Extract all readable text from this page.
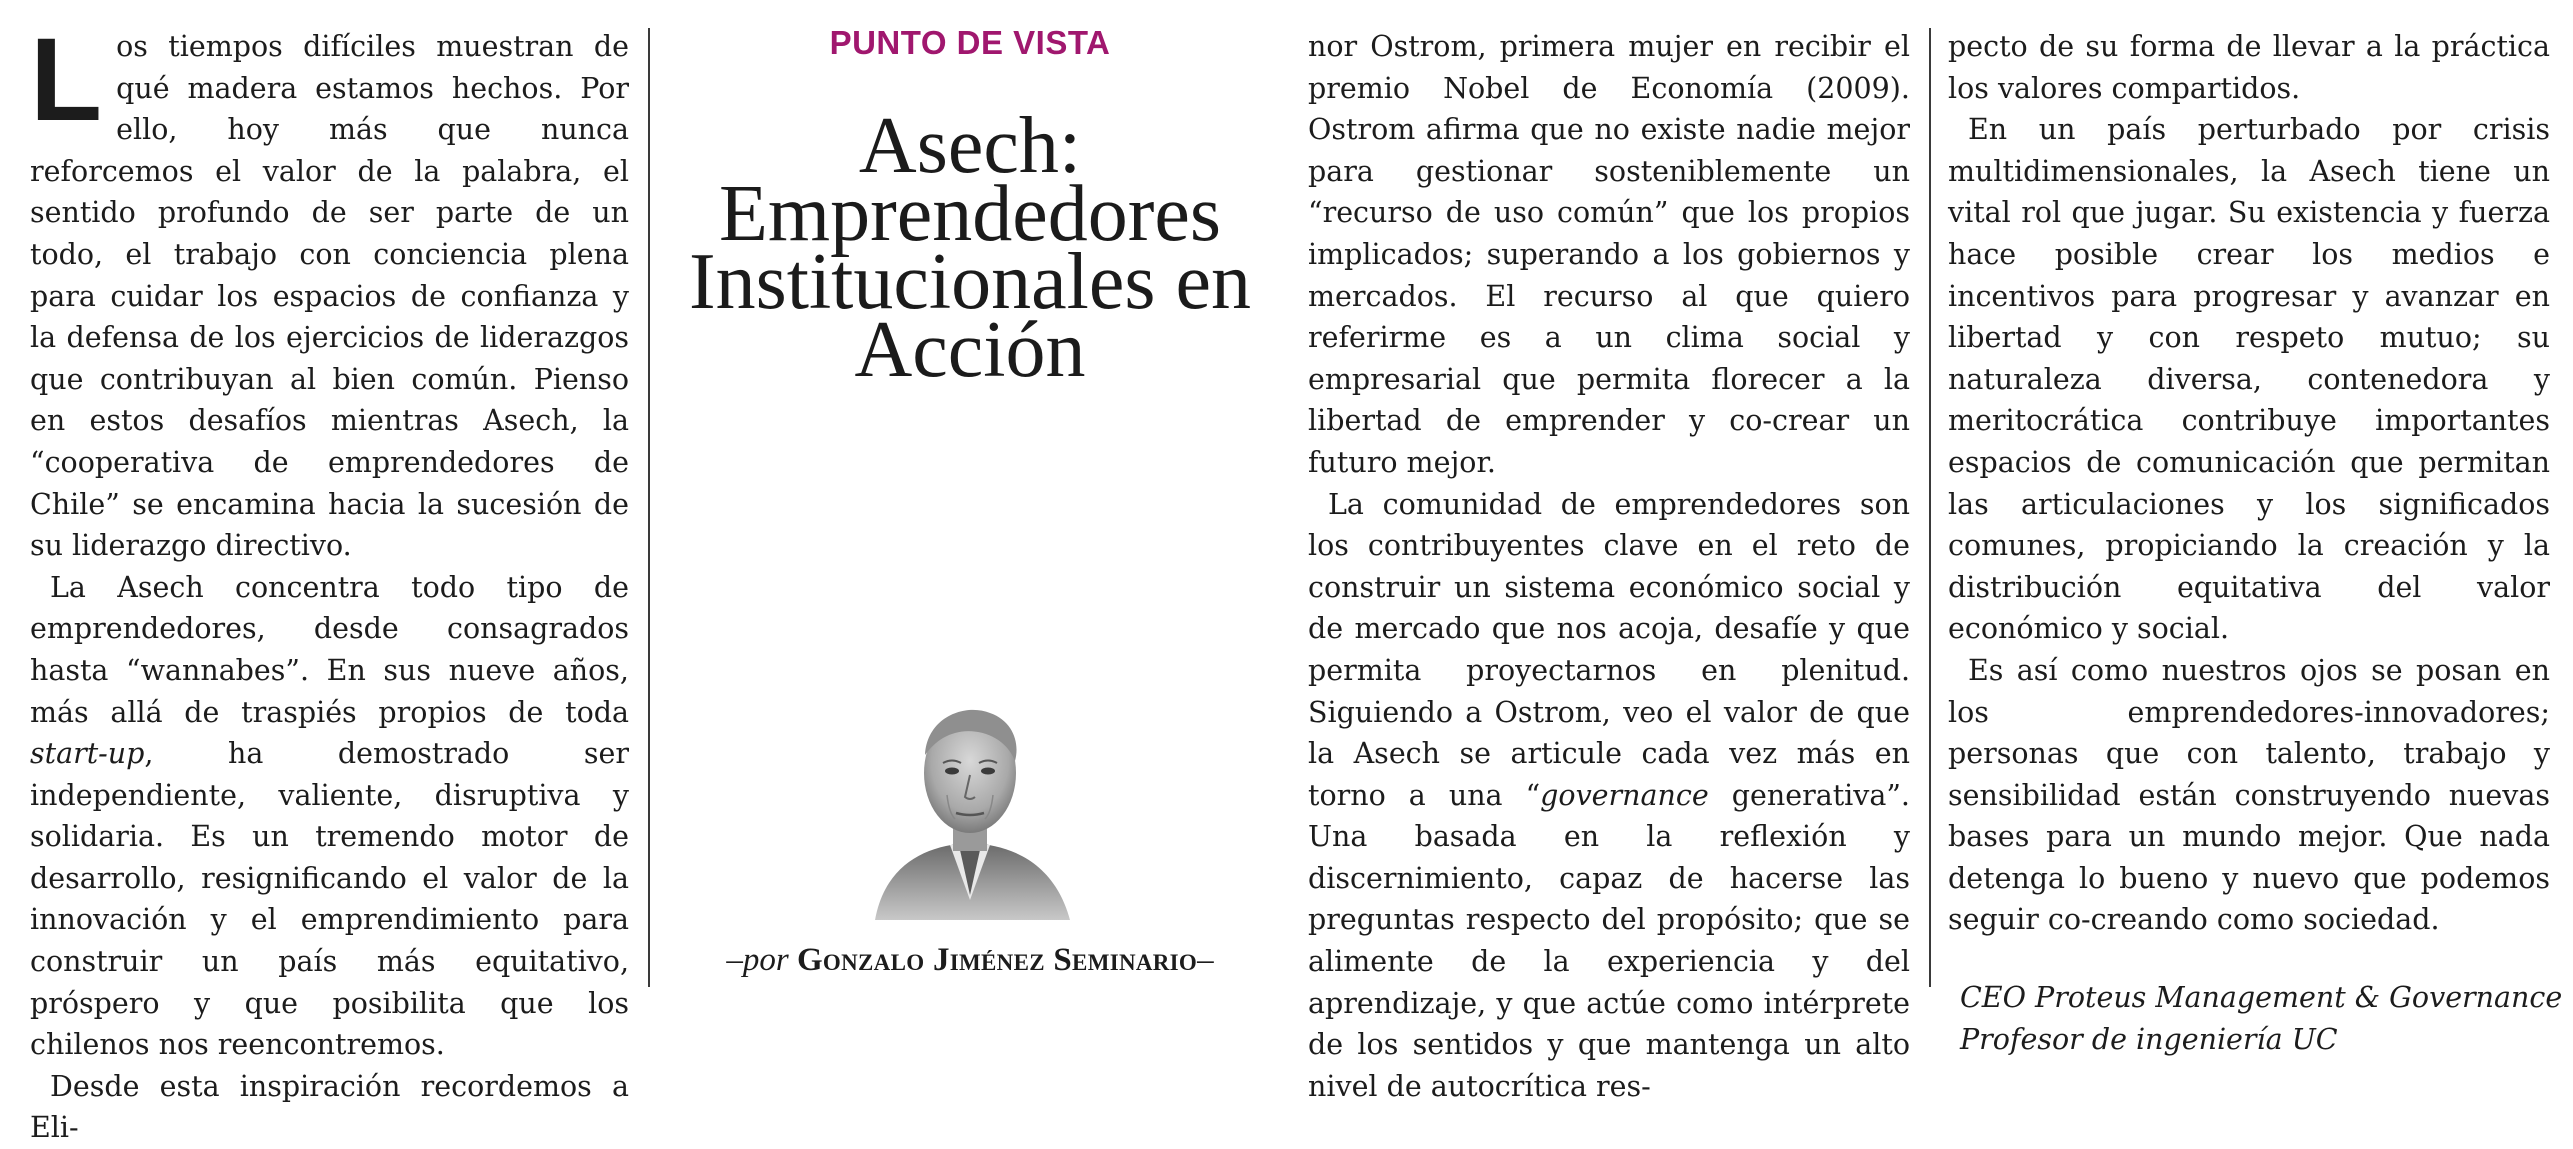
L os tiempos difíciles muestran de qué madera estamos hechos. Por ello, hoy más que nunca reforcemos el valor de la palabra, el sentido profundo de ser parte de un todo, el trabajo con conciencia plena para cuidar los espacios de confianza y la defensa de los ejercicios de liderazgos que contribuyan al bien común. Pienso en estos desafíos mientras Asech, la “cooperativa de emprendedores de Chile” se encamina hacia la sucesión de su liderazgo directivo.

La Asech concentra todo tipo de emprendedores, desde consagrados hasta “wannabes”. En sus nueve años, más allá de traspiés propios de toda start-up, ha demostrado ser independiente, valiente, disruptiva y solidaria. Es un tremendo motor de desarrollo, resignificando el valor de la innovación y el emprendimiento para construir un país más equitativo, próspero y que posibilita que los chilenos nos reencontremos.

Desde esta inspiración recordemos a Eli-

PUNTO DE VISTA
Asech: Emprendedores Institucionales en Acción
–por Gonzalo Jiménez Seminario–

nor Ostrom, primera mujer en recibir el premio Nobel de Economía (2009). Ostrom afirma que no existe nadie mejor para gestionar sosteniblemente un “recurso de uso común” que los propios implicados; superando a los gobiernos y mercados. El recurso al que quiero referirme es a un clima social y empresarial que permita florecer a la libertad de emprender y co-crear un futuro mejor.

La comunidad de emprendedores son los contribuyentes clave en el reto de construir un sistema económico social y de mercado que nos acoja, desafíe y que permita proyectarnos en plenitud. Siguiendo a Ostrom, veo el valor de que la Asech se articule cada vez más en torno a una “governance generativa”. Una basada en la reflexión y discernimiento, capaz de hacerse las preguntas respecto del propósito; que se alimente de la experiencia y del aprendizaje, y que actúe como intérprete de los sentidos y que mantenga un alto nivel de autocrítica res-

pecto de su forma de llevar a la práctica los valores compartidos.

En un país perturbado por crisis multidimensionales, la Asech tiene un vital rol que jugar. Su existencia y fuerza hace posible crear los medios e incentivos para progresar y avanzar en libertad y con respeto mutuo; su naturaleza diversa, contenedora y meritocrática contribuye importantes espacios de comunicación que permitan las articulaciones y los significados comunes, propiciando la creación y la distribución equitativa del valor económico y social.

Es así como nuestros ojos se posan en los emprendedores-innovadores; personas que con talento, trabajo y sensibilidad están construyendo nuevas bases para un mundo mejor. Que nada detenga lo bueno y nuevo que podemos seguir co-creando como sociedad.

CEO Proteus Management & Governance
Profesor de ingeniería UC
